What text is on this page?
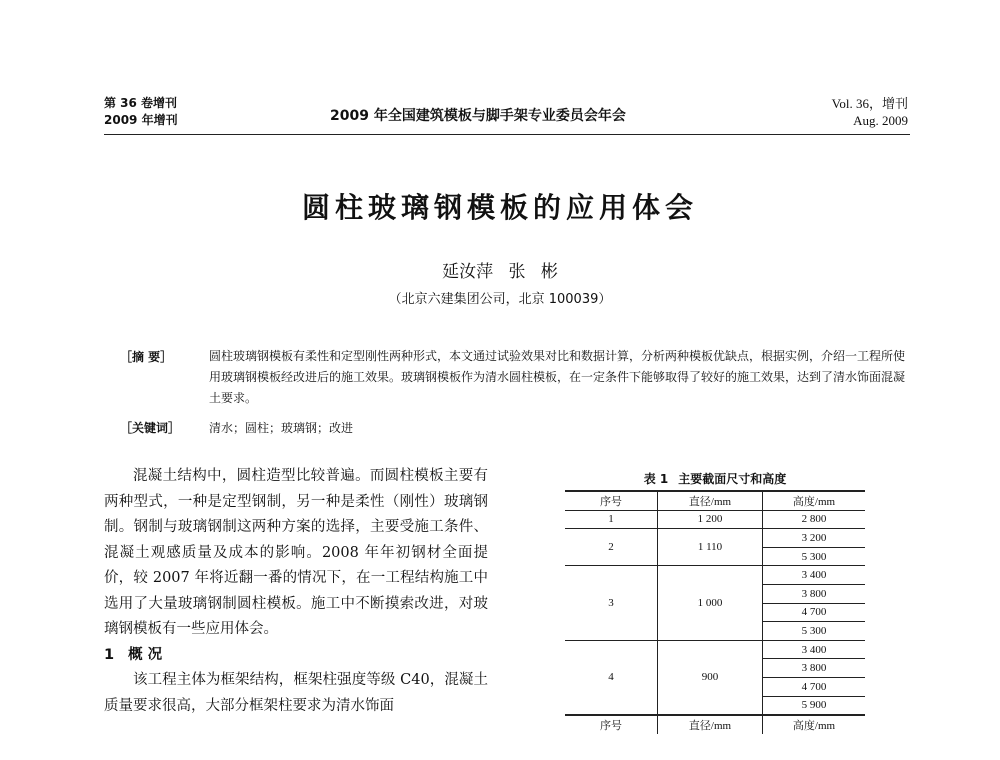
第 36 卷增刊
2009 年增刊	2009 年全国建筑模板与脚手架专业委员会年会
Vol. 36，增刊
Aug. 2009
圆柱玻璃钢模板的应用体会
延汝萍 张 彬
（北京六建集团公司，北京 100039）
［摘 要］	圆柱玻璃钢模板有柔性和定型刚性两种形式，本文通过试验效果对比和数据计算，分析两种模板优缺点，根据实例，介绍一工程所使用玻璃钢模板经改进后的施工效果。玻璃钢模板作为清水圆柱模板，在一定条件下能够取得了较好的施工效果，达到了清水饰面混凝土要求。
［关键词］ 清水；圆柱；玻璃钢；改进

混凝土结构中，圆柱造型比较普遍。而圆柱模板主要有两种型式，一种是定型钢制，另一种是柔性（刚性）玻璃钢制。钢制与玻璃钢制这两种方案的选择，主要受施工条件、混凝土观感质量及成本的影响。2008 年年初钢材全面提价，较 2007 年将近翻一番的情况下，在一工程结构施工中选用了大量玻璃钢制圆柱模板。施工中不断摸索改进，对玻璃钢模板有一些应用体会。

1 概 况

该工程主体为框架结构，框架柱强度等级 C40，混凝土质量要求很高，大部分框架柱要求为清水饰面

表 1 主要截面尺寸和高度
序号	直径/mm	高度/mm
1	1 200	2 800
2	1 110	3 200
		5 300
3	1 000	3 400
		3 800
		4 700
		5 300
4	900	3 400
		3 800
		4 700
		5 900
序号	直径/mm	高度/mm
